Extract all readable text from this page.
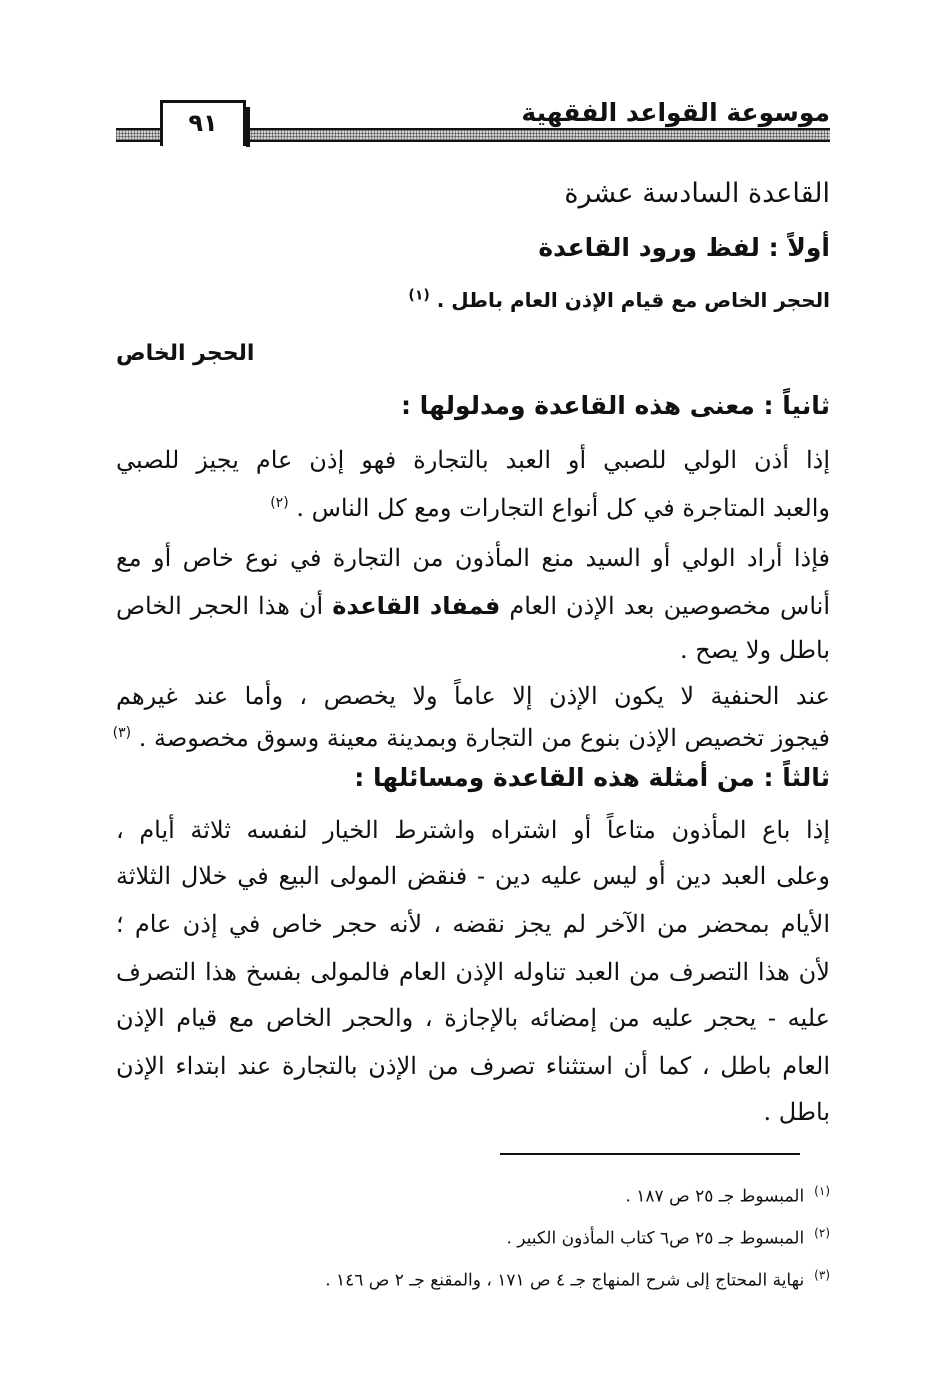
٩١	موسوعة القواعد الفقهية
القاعدة السادسة عشرة
أولاً : لفظ ورود القاعدة
الحجر الخاص مع قيام الإذن العام باطل . $^{(١)}$
الحجر الخاص
ثانياً : معنى هذه القاعدة ومدلولها :
إذا أذن الولي للصبي أو العبد بالتجارة فهو إذن عام يجيز للصبي
والعبد المتاجرة في كل أنواع التجارات ومع كل الناس . $^{(٢)}$
فإذا أراد الولي أو السيد منع المأذون من التجارة في نوع خاص أو مع
أناس مخصوصين بعد الإذن العام فمفاد القاعدة أن هذا الحجر الخاص
باطل ولا يصح .
عند الحنفية لا يكون الإذن إلا عاماً ولا يخصص ، وأما عند غيرهم
فيجوز تخصيص الإذن بنوع من التجارة وبمدينة معينة وسوق مخصوصة . $^{(٣)}$
ثالثاً : من أمثلة هذه القاعدة ومسائلها :
إذا باع المأذون متاعاً أو اشتراه واشترط الخيار لنفسه ثلاثة أيام ،
وعلى العبد دين أو ليس عليه دين - فنقض المولى البيع في خلال الثلاثة
الأيام بمحضر من الآخر لم يجز نقضه ، لأنه حجر خاص في إذن عام ؛
لأن هذا التصرف من العبد تناوله الإذن العام فالمولى بفسخ هذا التصرف
عليه - يحجر عليه من إمضائه بالإجازة ، والحجر الخاص مع قيام الإذن
العام باطل ، كما أن استثناء تصرف من الإذن بالتجارة عند ابتداء الإذن
باطل .
$^{(١)}$المبسوط جـ ٢٥ ص ١٨٧ .
$^{(٢)}$المبسوط جـ ٢٥ ص٦ كتاب المأذون الكبير .
$^{(٣)}$نهاية المحتاج إلى شرح المنهاج جـ ٤ ص ١٧١ ، والمقنع جـ ٢ ص ١٤٦ .
